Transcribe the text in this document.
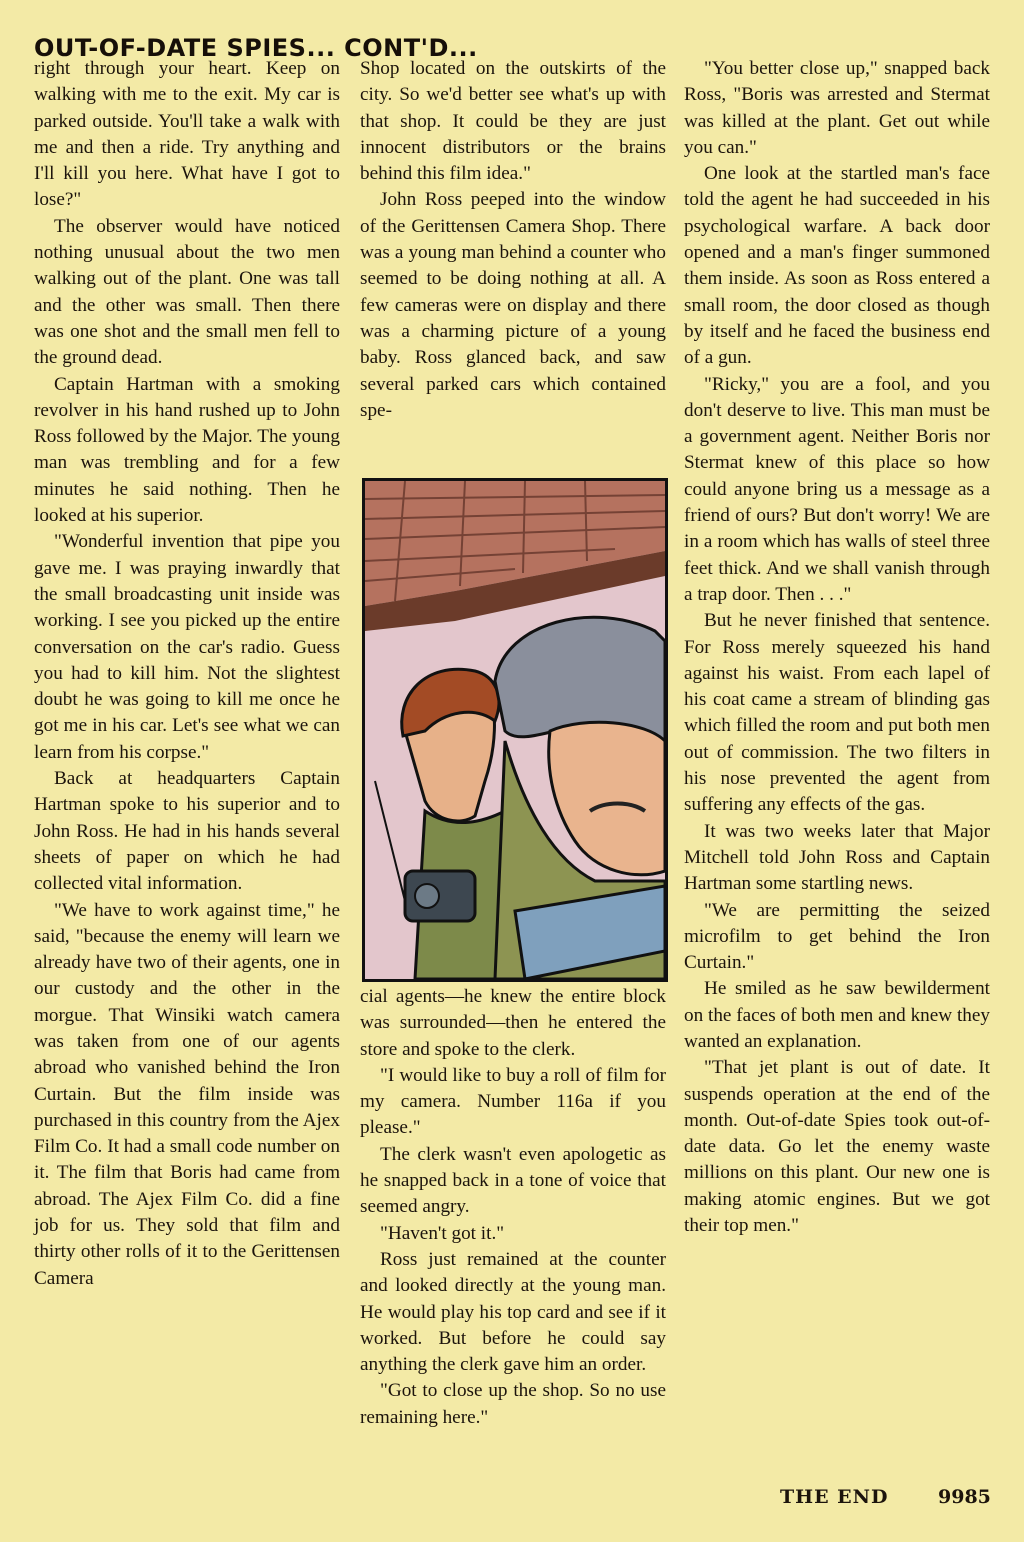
OUT-OF-DATE SPIES... CONT'D...

right through your heart. Keep on walking with me to the exit. My car is parked outside. You'll take a walk with me and then a ride. Try anything and I'll kill you here. What have I got to lose?"

The observer would have noticed nothing unusual about the two men walking out of the plant. One was tall and the other was small. Then there was one shot and the small men fell to the ground dead.

Captain Hartman with a smoking revolver in his hand rushed up to John Ross followed by the Major. The young man was trembling and for a few minutes he said nothing. Then he looked at his superior.

"Wonderful invention that pipe you gave me. I was praying inwardly that the small broadcasting unit inside was working. I see you picked up the entire conversation on the car's radio. Guess you had to kill him. Not the slightest doubt he was going to kill me once he got me in his car. Let's see what we can learn from his corpse."

Back at headquarters Captain Hartman spoke to his superior and to John Ross. He had in his hands several sheets of paper on which he had collected vital information.

"We have to work against time," he said, "because the enemy will learn we already have two of their agents, one in our custody and the other in the morgue. That Winsiki watch camera was taken from one of our agents abroad who vanished behind the Iron Curtain. But the film inside was purchased in this country from the Ajex Film Co. It had a small code number on it. The film that Boris had came from abroad. The Ajex Film Co. did a fine job for us. They sold that film and thirty other rolls of it to the Gerittensen Camera

Shop located on the outskirts of the city. So we'd better see what's up with that shop. It could be they are just innocent distributors or the brains behind this film idea."

John Ross peeped into the window of the Gerittensen Camera Shop. There was a young man behind a counter who seemed to be doing nothing at all. A few cameras were on display and there was a charming picture of a young baby. Ross glanced back, and saw several parked cars which contained spe-

cial agents—he knew the entire block was surrounded—then he entered the store and spoke to the clerk.

"I would like to buy a roll of film for my camera. Number 116a if you please."

The clerk wasn't even apologetic as he snapped back in a tone of voice that seemed angry.

"Haven't got it."

Ross just remained at the counter and looked directly at the young man. He would play his top card and see if it worked. But before he could say anything the clerk gave him an order.

"Got to close up the shop. So no use remaining here."

"You better close up," snapped back Ross, "Boris was arrested and Stermat was killed at the plant. Get out while you can."

One look at the startled man's face told the agent he had succeeded in his psychological warfare. A back door opened and a man's finger summoned them inside. As soon as Ross entered a small room, the door closed as though by itself and he faced the business end of a gun.

"Ricky," you are a fool, and you don't deserve to live. This man must be a government agent. Neither Boris nor Stermat knew of this place so how could anyone bring us a message as a friend of ours? But don't worry! We are in a room which has walls of steel three feet thick. And we shall vanish through a trap door. Then . . ."

But he never finished that sentence. For Ross merely squeezed his hand against his waist. From each lapel of his coat came a stream of blinding gas which filled the room and put both men out of commission. The two filters in his nose prevented the agent from suffering any effects of the gas.

It was two weeks later that Major Mitchell told John Ross and Captain Hartman some startling news.

"We are permitting the seized microfilm to get behind the Iron Curtain."

He smiled as he saw bewilderment on the faces of both men and knew they wanted an explanation.

"That jet plant is out of date. It suspends operation at the end of the month. Out-of-date Spies took out-of-date data. Go let the enemy waste millions on this plant. Our new one is making atomic engines. But we got their top men."

THE END	9985
